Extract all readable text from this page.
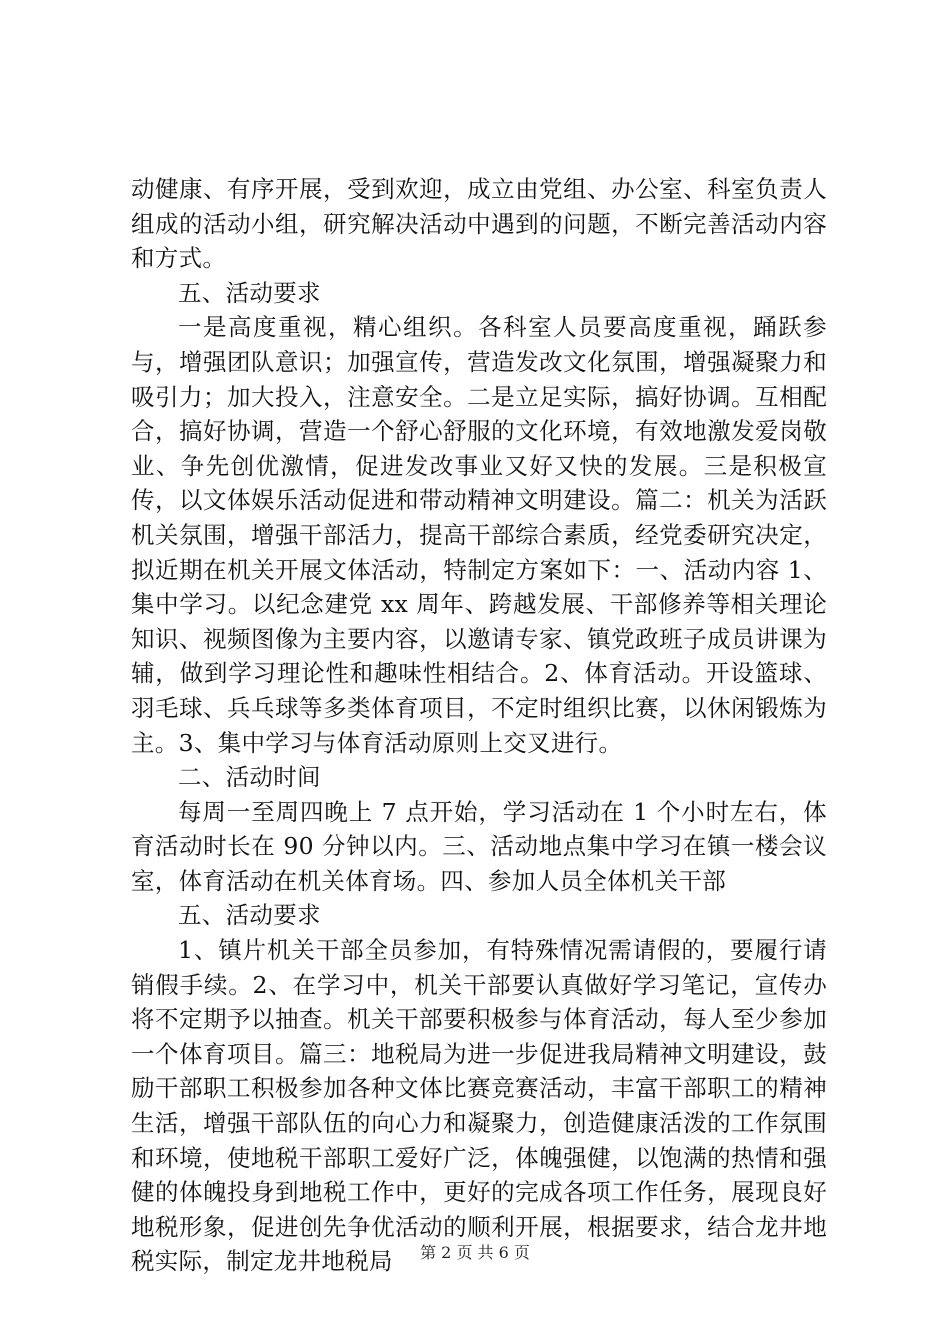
动健康、有序开展，受到欢迎，成立由党组、办公室、科室负责人组成的活动小组，研究解决活动中遇到的问题，不断完善活动内容和方式。

五、活动要求

一是高度重视，精心组织。各科室人员要高度重视，踊跃参与，增强团队意识；加强宣传，营造发改文化氛围，增强凝聚力和吸引力；加大投入，注意安全。二是立足实际，搞好协调。互相配合，搞好协调，营造一个舒心舒服的文化环境，有效地激发爱岗敬业、争先创优激情，促进发改事业又好又快的发展。三是积极宣传，以文体娱乐活动促进和带动精神文明建设。篇二：机关为活跃机关氛围，增强干部活力，提高干部综合素质，经党委研究决定，拟近期在机关开展文体活动，特制定方案如下：一、活动内容 1、集中学习。以纪念建党 xx 周年、跨越发展、干部修养等相关理论知识、视频图像为主要内容，以邀请专家、镇党政班子成员讲课为辅，做到学习理论性和趣味性相结合。2、体育活动。开设篮球、羽毛球、兵乓球等多类体育项目，不定时组织比赛，以休闲锻炼为主。3、集中学习与体育活动原则上交叉进行。

二、活动时间

每周一至周四晚上 7 点开始，学习活动在 1 个小时左右，体育活动时长在 90 分钟以内。三、活动地点集中学习在镇一楼会议室，体育活动在机关体育场。四、参加人员全体机关干部

五、活动要求

1、镇片机关干部全员参加，有特殊情况需请假的，要履行请销假手续。2、在学习中，机关干部要认真做好学习笔记，宣传办将不定期予以抽查。机关干部要积极参与体育活动，每人至少参加一个体育项目。篇三：地税局为进一步促进我局精神文明建设，鼓励干部职工积极参加各种文体比赛竞赛活动，丰富干部职工的精神生活，增强干部队伍的向心力和凝聚力，创造健康活泼的工作氛围和环境，使地税干部职工爱好广泛，体魄强健，以饱满的热情和强健的体魄投身到地税工作中，更好的完成各项工作任务，展现良好地税形象，促进创先争优活动的顺利开展，根据要求，结合龙井地税实际，制定龙井地税局	第 2 页 共 6 页
